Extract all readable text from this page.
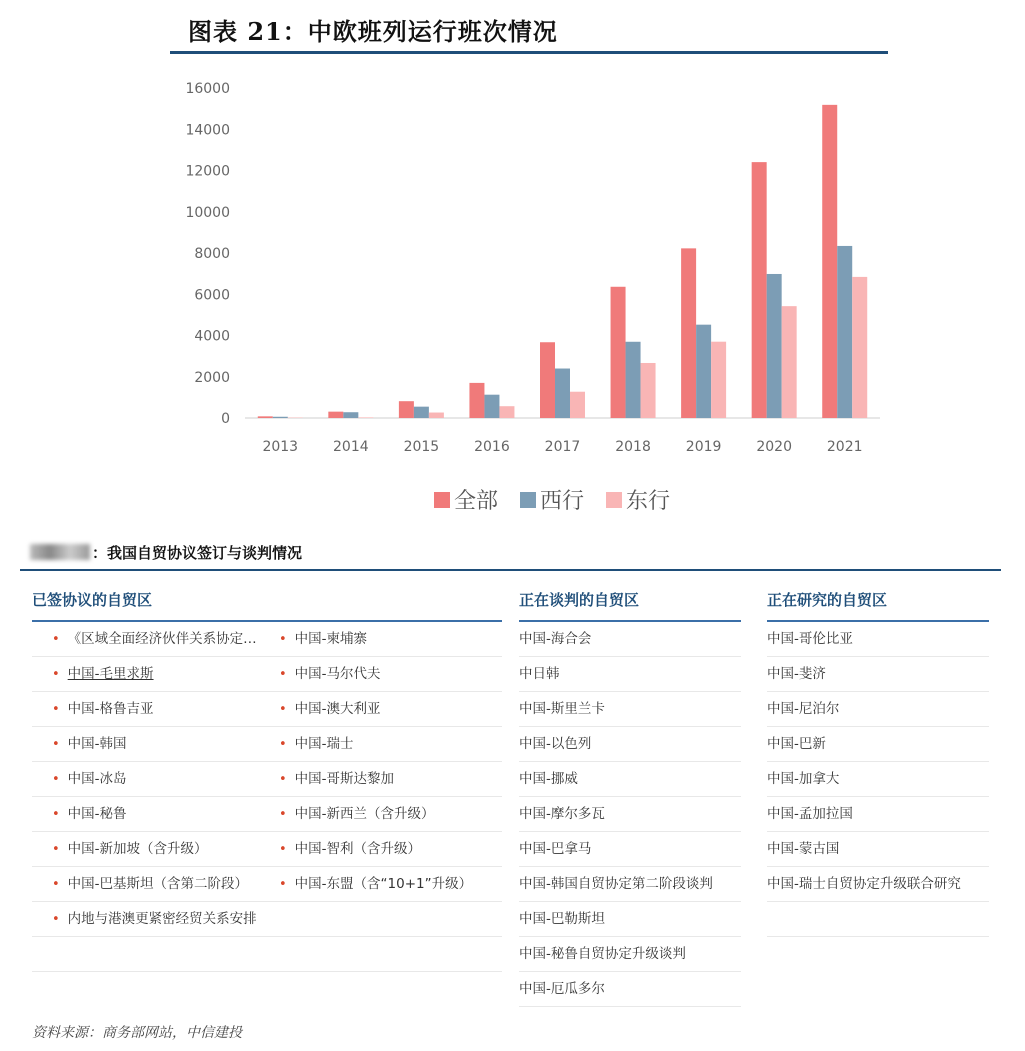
图表 21：中欧班列运行班次情况
0
2000
4000
6000
8000
10000
12000
14000
16000
2013 2014 2015 2016 2017 2018 2019 2020 2021
全部 西行 东行
：我国自贸协议签订与谈判情况
已签协议的自贸区
• 《区域全面经济伙伴关系协定…	• 中国-柬埔寨
• 中国-毛里求斯	• 中国-马尔代夫
• 中国-格鲁吉亚	• 中国-澳大利亚
• 中国-韩国	• 中国-瑞士
• 中国-冰岛	• 中国-哥斯达黎加
• 中国-秘鲁	• 中国-新西兰（含升级）
• 中国-新加坡（含升级）	• 中国-智利（含升级）
• 中国-巴基斯坦（含第二阶段）	• 中国-东盟（含“10+1”升级）
• 内地与港澳更紧密经贸关系安排
正在谈判的自贸区
中国-海合会
中日韩
中国-斯里兰卡
中国-以色列
中国-挪威
中国-摩尔多瓦
中国-巴拿马
中国-韩国自贸协定第二阶段谈判
中国-巴勒斯坦
中国-秘鲁自贸协定升级谈判
中国-厄瓜多尔
正在研究的自贸区
中国-哥伦比亚
中国-斐济
中国-尼泊尔
中国-巴新
中国-加拿大
中国-孟加拉国
中国-蒙古国
中国-瑞士自贸协定升级联合研究
资料来源：商务部网站，中信建投
